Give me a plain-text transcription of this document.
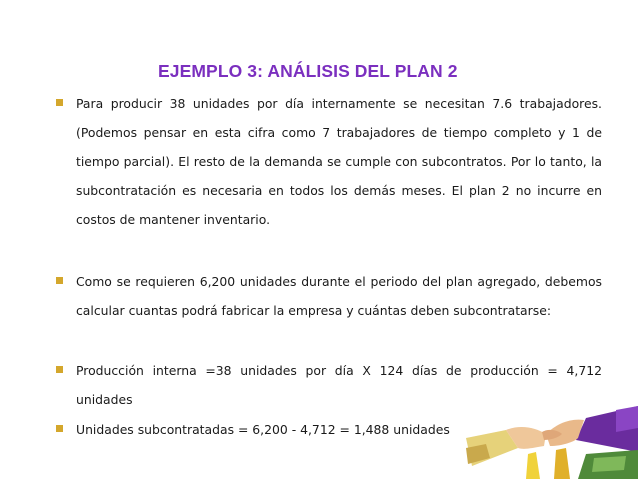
EJEMPLO 3: ANÁLISIS DEL PLAN 2

Para producir 38 unidades por día internamente se necesitan 7.6 trabajadores. (Podemos pensar en esta cifra como 7 trabajadores de tiempo completo y 1 de tiempo parcial). El resto de la demanda se cumple con subcontratos. Por lo tanto, la subcontratación es necesaria en todos los demás meses. El plan 2 no incurre en costos de mantener inventario.

Como se requieren 6,200 unidades durante el periodo del plan agregado, debemos calcular cuantas podrá fabricar la empresa y cuántas deben subcontratarse:

Producción interna =38 unidades por día X 124 días de producción = 4,712 unidades

Unidades subcontratadas = 6,200 - 4,712 = 1,488 unidades
